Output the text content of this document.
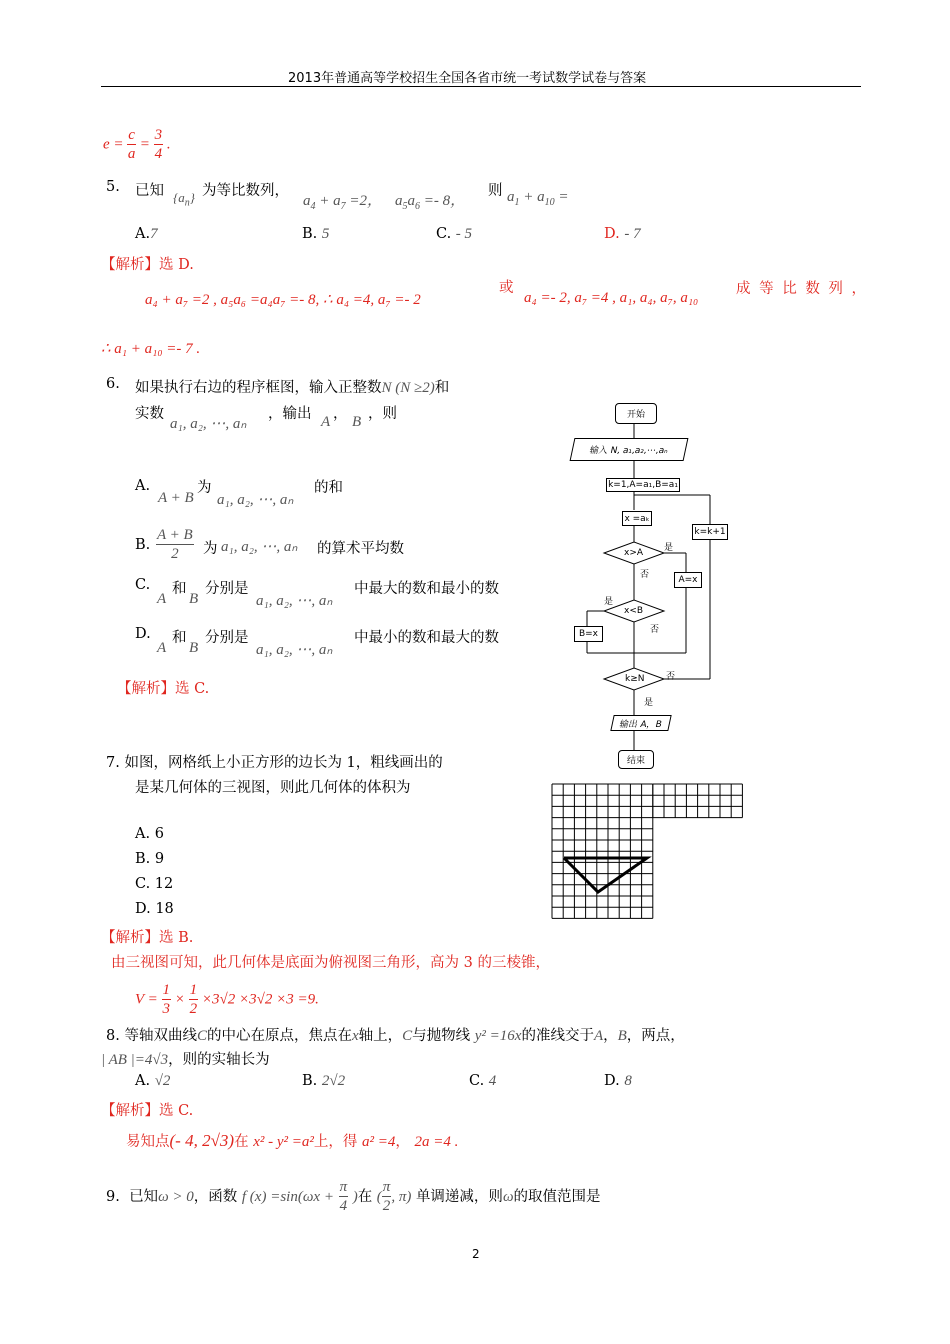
2013年普通高等学校招生全国各省市统一考试数学试卷与答案
$e = \frac{c}{a} = \frac{3}{4}$ .
5. 已知 $\{a_n\}$ 为等比数列，
$a_4 + a_7 =2$， $a_5a_6 =- 8$，
则 $a_1 + a_{10}$ =
A.7	B. 5	C. - 5	D. - 7
【解析】选 D.
a₄ + a₇ =2 , a₅a₆ =a₄a₇ =- 8, ∴ a₄ =4, a₇ =- 2
或
a₄ =- 2, a₇ =4 , a₁, a₄, a₇, a₁₀
成 等 比 数 列 ，
∴ a₁ + a₁₀ =- 7 .
6. 如果执行右边的程序框图，输入正整数N (N ≥2)和
实数
a₁, a₂, ⋯, aₙ
，输出 A ， B ，则
A.
A + B
为
a₁, a₂, ⋯, aₙ
的和
B. $\frac{A + B}{2}$ 为 a₁, a₂, ⋯, aₙ 的算术平均数
C.
A
和
B
分别是
a₁, a₂, ⋯, aₙ
中最大的数和最小的数
D.
A
和
B
分别是
a₁, a₂, ⋯, aₙ
中最小的数和最大的数
【解析】选 C.
开始
输入 N, a₁,a₂,⋯,aₙ
k=1,A=a₁,B=a₁
x =aₖ
x>A 是
否	A=x
x<B
是
否
B=x
k=k+1
k≥N 否
是
输出 A，B
结束
7. 如图，网格纸上小正方形的边长为 1，粗线画出的
是某几何体的三视图，则此几何体的体积为
A. 6
B. 9
C. 12
D. 18
【解析】选 B.
由三视图可知，此几何体是底面为俯视图三角形，高为 3 的三棱锥，
$V = \frac{1}{3} \times \frac{1}{2} \times 3√2 \times 3√2 \times 3 =9$.
8. 等轴双曲线C的中心在原点，焦点在x轴上，C与抛物线 y² =16x的准线交于A，B，两点，
| AB |=4√3，则的实轴长为
A. √2	B. 2√2	C. 4	D. 8
【解析】选 C.
易知点(- 4, 2√3)在 x² - y² =a²上，得 a² =4， 2a =4 .
9. 已知ω > 0，函数 f $(x) =\sin(\omega x + \frac{\pi}{4}$ )在 ( $\frac{\pi}{2}$ , π) 单调递减，则ω的取值范围是
2
